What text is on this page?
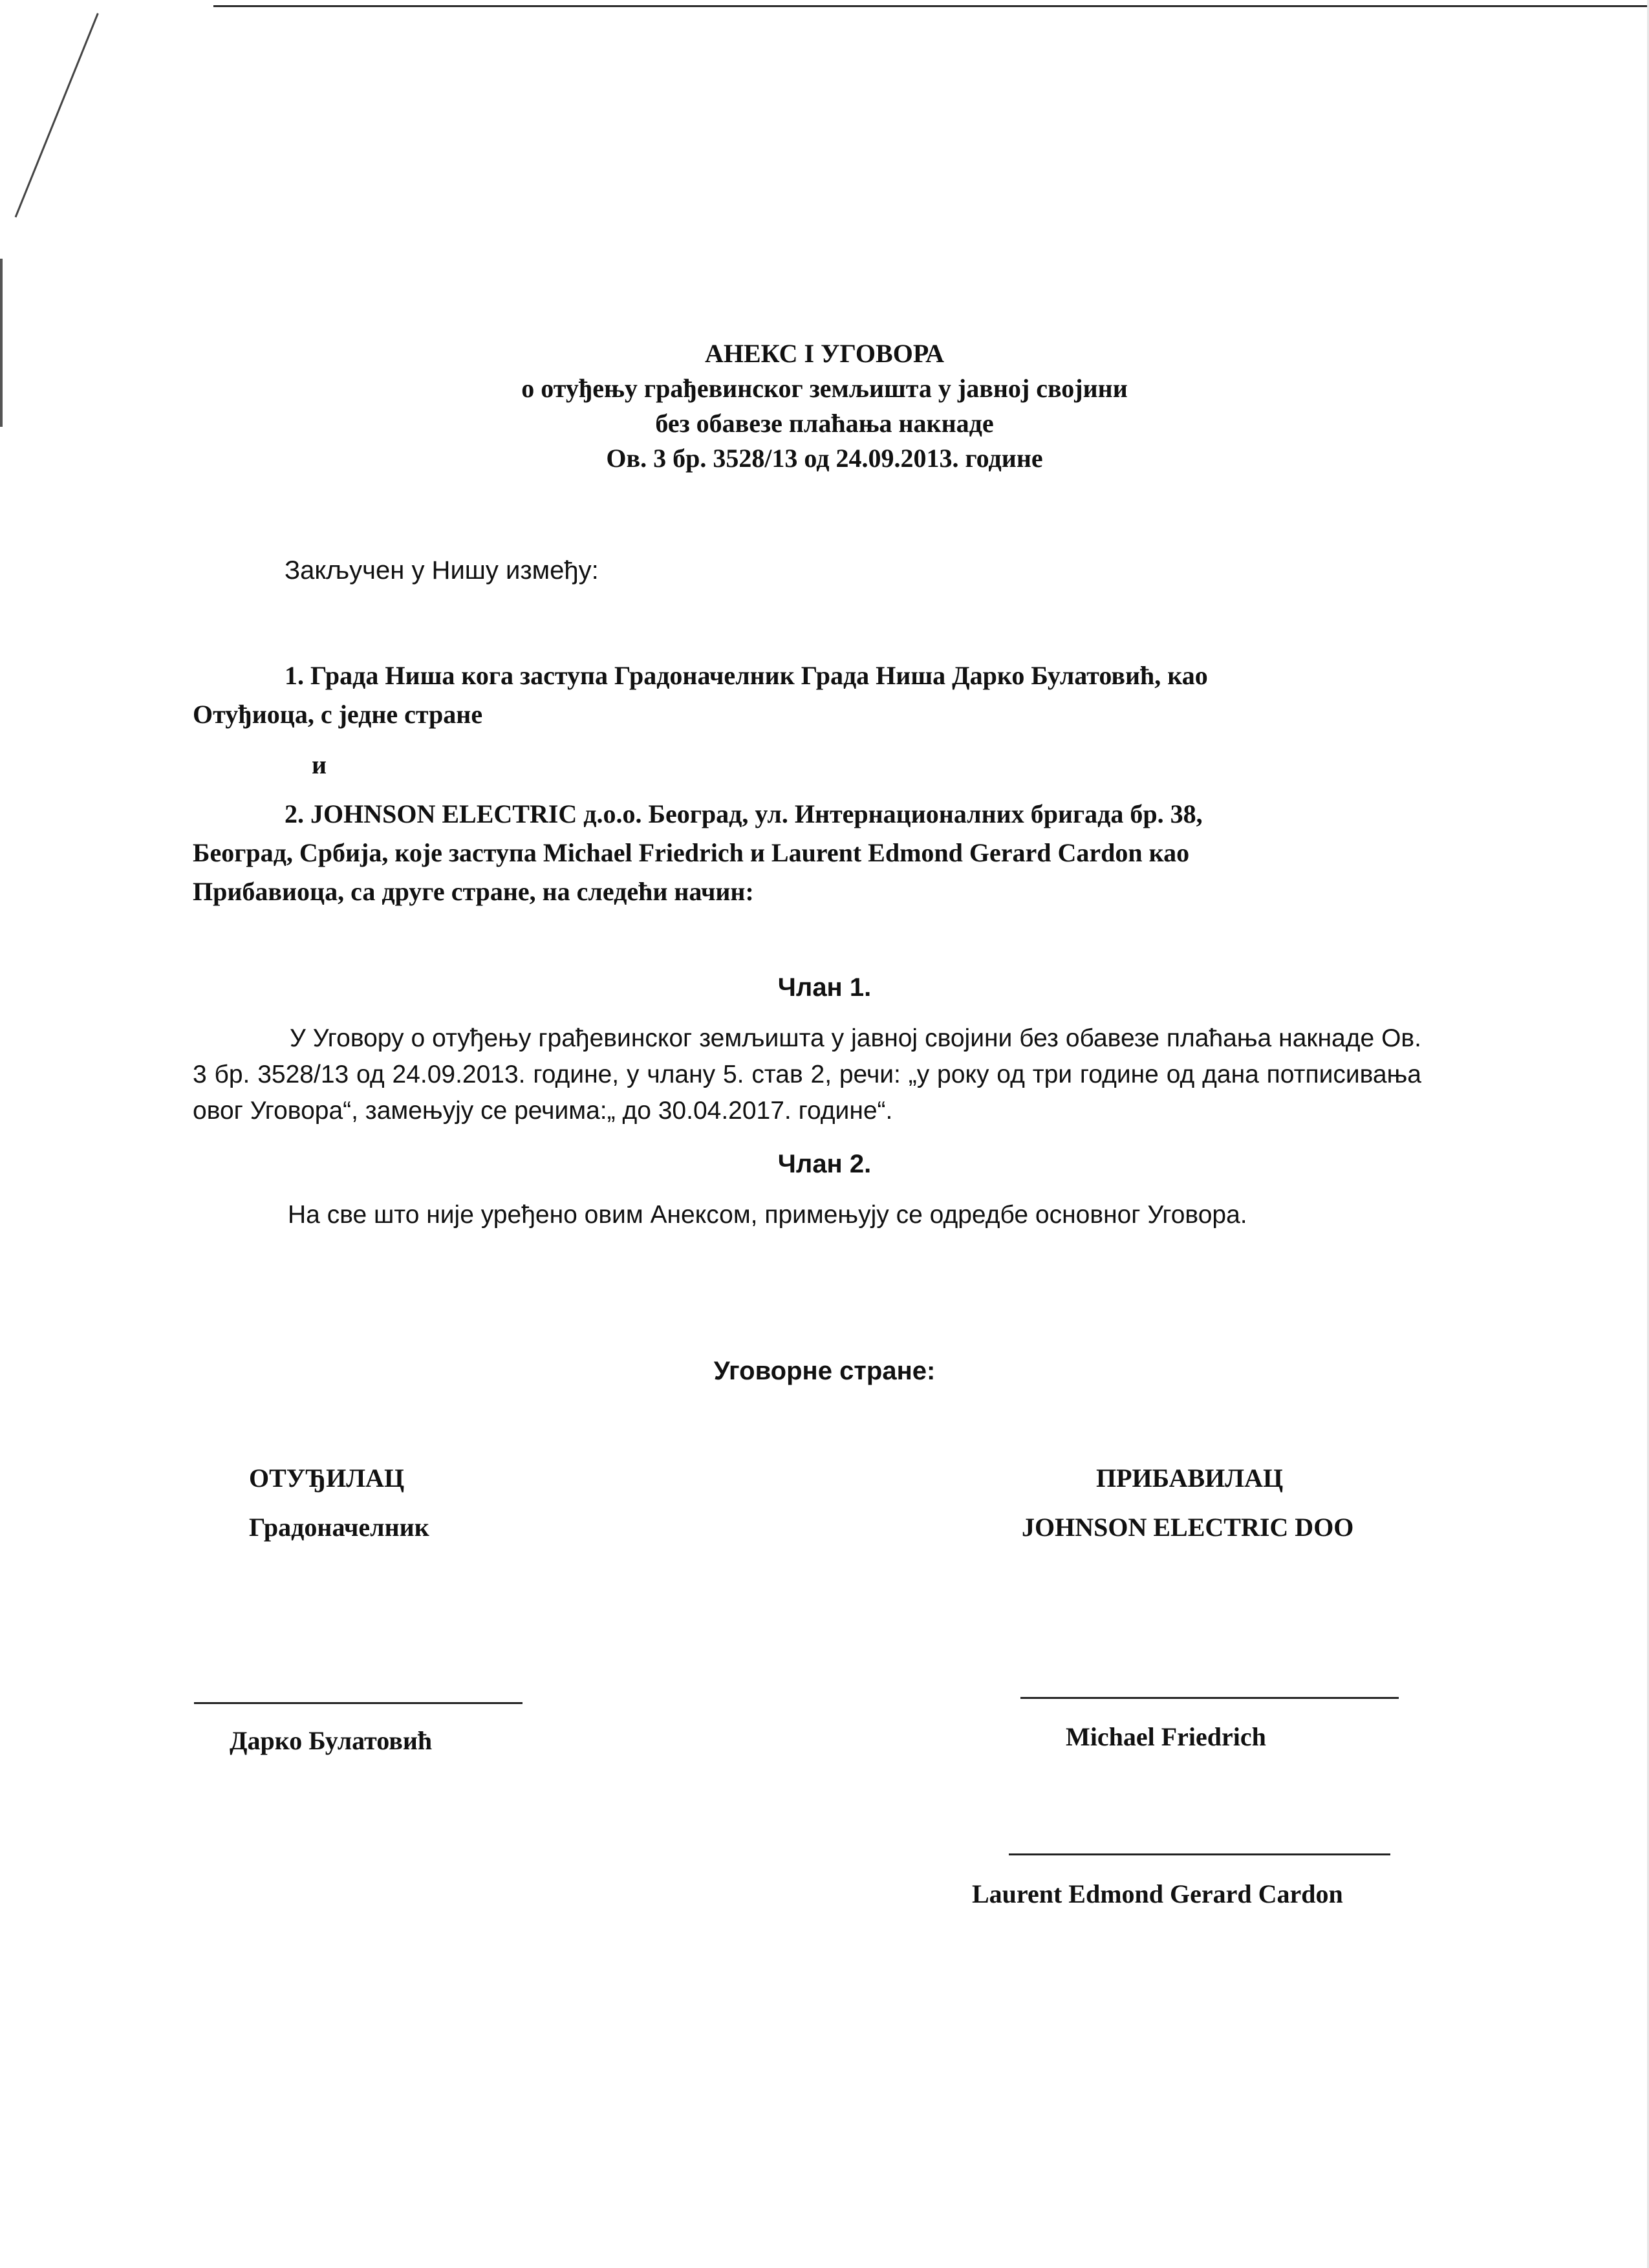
АНЕКС I УГОВОРА
о отуђењу грађевинског земљишта у јавној својини
без обавезе плаћања накнаде
Ов. 3 бр. 3528/13 од 24.09.2013. године
Закључен у Нишу између:
1. Града Ниша кога заступа Градоначелник Града Ниша Дарко Булатовић, као
Отуђиоца, с једне стране
и
2. JOHNSON ELECTRIC д.о.о. Београд, ул. Интернационалних бригада бр. 38,
Београд, Србија, које заступа Michael Friedrich и Laurent Edmond Gerard Cardon као
Прибавиоца, са друге стране, на следећи начин:
Члан 1.
У Уговору о отуђењу грађевинског земљишта у јавној својини без обавезе плаћања накнаде Ов. 3 бр. 3528/13 од 24.09.2013. године, у члану 5. став 2, речи: „у року од три године од дана потписивања овог Уговора“, замењују се речима:„ до 30.04.2017. године“.
Члан 2.
На све што није уређено овим Анексом, примењују се одредбе основног Уговора.
Уговорне стране:
ОТУЂИЛАЦ
Градоначелник
ПРИБАВИЛАЦ
JOHNSON ELECTRIC DOO
Дарко Булатовић	Michael Friedrich
Laurent Edmond Gerard Cardon
